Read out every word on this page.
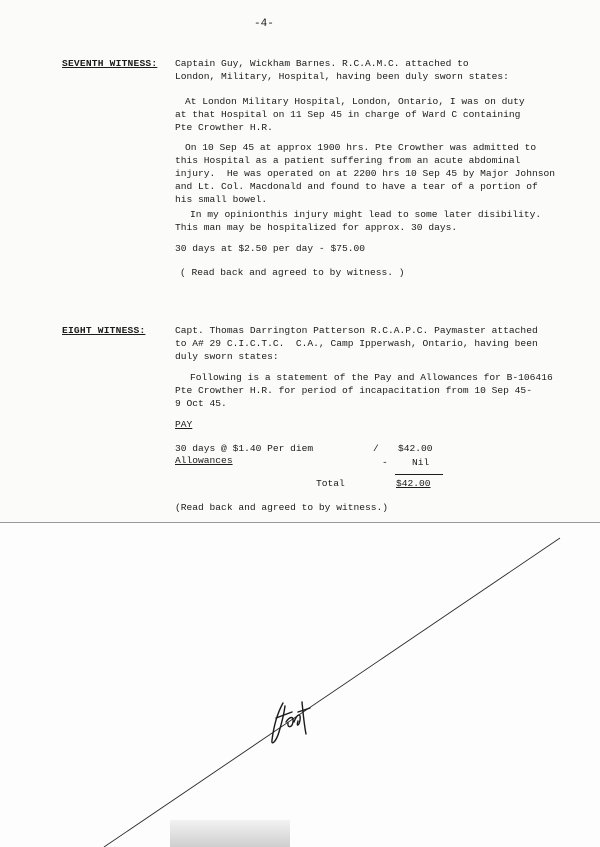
-4-
SEVENTH WITNESS: Captain Guy, Wickham Barnes. R.C.A.M.C. attached to
London, Military, Hospital, having been duly sworn states:
At London Military Hospital, London, Ontario, I was on duty
at that Hospital on 11 Sep 45 in charge of Ward C containing
Pte Crowther H.R.
On 10 Sep 45 at approx 1900 hrs. Pte Crowther was admitted to
this Hospital as a patient suffering from an acute abdominal
injury.  He was operated on at 2200 hrs 10 Sep 45 by Major Johnson
and Lt. Col. Macdonald and found to have a tear of a portion of
his small bowel.
In my opinionthis injury might lead to some later disibility.
This man may be hospitalized for approx. 30 days.
30 days at $2.50 per day - $75.00
( Read back and agreed to by witness. )
EIGHT WITNESS:	Capt. Thomas Darrington Patterson R.C.A.P.C. Paymaster attached
to A# 29 C.I.C.T.C.  C.A., Camp Ipperwash, Ontario, having been
duly sworn states:
Following is a statement of the Pay and Allowances for B-106416
Pte Crowther H.R. for period of incapacitation from 10 Sep 45-
9 Oct 45.
PAY
30 days @ $1.40 Per diem	/ $42.00
Allowances	-	Nil
Total	$42.00
(Read back and agreed to by witness.)
